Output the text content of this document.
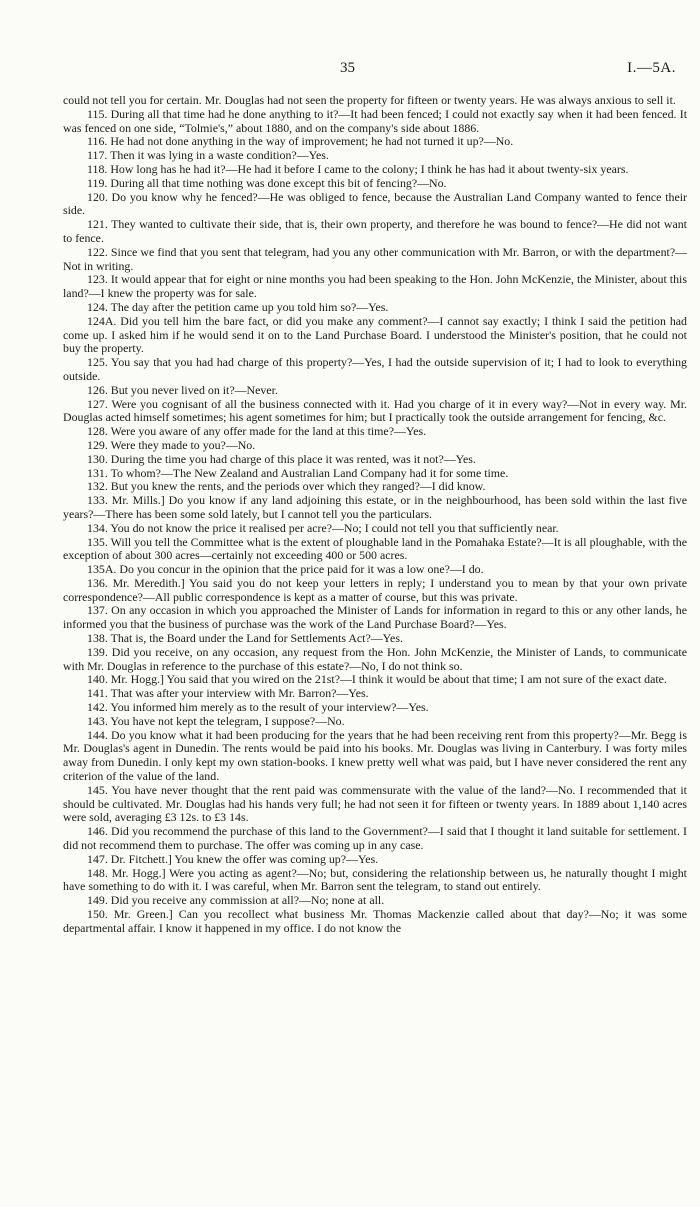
35	I.—5A.

could not tell you for certain. Mr. Douglas had not seen the property for fifteen or twenty years. He was always anxious to sell it.

115. During all that time had he done anything to it?—It had been fenced; I could not exactly say when it had been fenced. It was fenced on one side, “Tolmie's,” about 1880, and on the company's side about 1886.

116. He had not done anything in the way of improvement; he had not turned it up?—No.

117. Then it was lying in a waste condition?—Yes.

118. How long has he had it?—He had it before I came to the colony; I think he has had it about twenty-six years.

119. During all that time nothing was done except this bit of fencing?—No.

120. Do you know why he fenced?—He was obliged to fence, because the Australian Land Company wanted to fence their side.

121. They wanted to cultivate their side, that is, their own property, and therefore he was bound to fence?—He did not want to fence.

122. Since we find that you sent that telegram, had you any other communication with Mr. Barron, or with the department?—Not in writing.

123. It would appear that for eight or nine months you had been speaking to the Hon. John McKenzie, the Minister, about this land?—I knew the property was for sale.

124. The day after the petition came up you told him so?—Yes.

124A. Did you tell him the bare fact, or did you make any comment?—I cannot say exactly; I think I said the petition had come up. I asked him if he would send it on to the Land Purchase Board. I understood the Minister's position, that he could not buy the property.

125. You say that you had had charge of this property?—Yes, I had the outside supervision of it; I had to look to everything outside.

126. But you never lived on it?—Never.

127. Were you cognisant of all the business connected with it. Had you charge of it in every way?—Not in every way. Mr. Douglas acted himself sometimes; his agent sometimes for him; but I practically took the outside arrangement for fencing, &c.

128. Were you aware of any offer made for the land at this time?—Yes.

129. Were they made to you?—No.

130. During the time you had charge of this place it was rented, was it not?—Yes.

131. To whom?—The New Zealand and Australian Land Company had it for some time.

132. But you knew the rents, and the periods over which they ranged?—I did know.

133. Mr. Mills.] Do you know if any land adjoining this estate, or in the neighbourhood, has been sold within the last five years?—There has been some sold lately, but I cannot tell you the particulars.

134. You do not know the price it realised per acre?—No; I could not tell you that sufficiently near.

135. Will you tell the Committee what is the extent of ploughable land in the Pomahaka Estate?—It is all ploughable, with the exception of about 300 acres—certainly not exceeding 400 or 500 acres.

135A. Do you concur in the opinion that the price paid for it was a low one?—I do.

136. Mr. Meredith.] You said you do not keep your letters in reply; I understand you to mean by that your own private correspondence?—All public correspondence is kept as a matter of course, but this was private.

137. On any occasion in which you approached the Minister of Lands for information in regard to this or any other lands, he informed you that the business of purchase was the work of the Land Purchase Board?—Yes.

138. That is, the Board under the Land for Settlements Act?—Yes.

139. Did you receive, on any occasion, any request from the Hon. John McKenzie, the Minister of Lands, to communicate with Mr. Douglas in reference to the purchase of this estate?—No, I do not think so.

140. Mr. Hogg.] You said that you wired on the 21st?—I think it would be about that time; I am not sure of the exact date.

141. That was after your interview with Mr. Barron?—Yes.

142. You informed him merely as to the result of your interview?—Yes.

143. You have not kept the telegram, I suppose?—No.

144. Do you know what it had been producing for the years that he had been receiving rent from this property?—Mr. Begg is Mr. Douglas's agent in Dunedin. The rents would be paid into his books. Mr. Douglas was living in Canterbury. I was forty miles away from Dunedin. I only kept my own station-books. I knew pretty well what was paid, but I have never considered the rent any criterion of the value of the land.

145. You have never thought that the rent paid was commensurate with the value of the land?—No. I recommended that it should be cultivated. Mr. Douglas had his hands very full; he had not seen it for fifteen or twenty years. In 1889 about 1,140 acres were sold, averaging £3 12s. to £3 14s.

146. Did you recommend the purchase of this land to the Government?—I said that I thought it land suitable for settlement. I did not recommend them to purchase. The offer was coming up in any case.

147. Dr. Fitchett.] You knew the offer was coming up?—Yes.

148. Mr. Hogg.] Were you acting as agent?—No; but, considering the relationship between us, he naturally thought I might have something to do with it. I was careful, when Mr. Barron sent the telegram, to stand out entirely.

149. Did you receive any commission at all?—No; none at all.

150. Mr. Green.] Can you recollect what business Mr. Thomas Mackenzie called about that day?—No; it was some departmental affair. I know it happened in my office. I do not know the
